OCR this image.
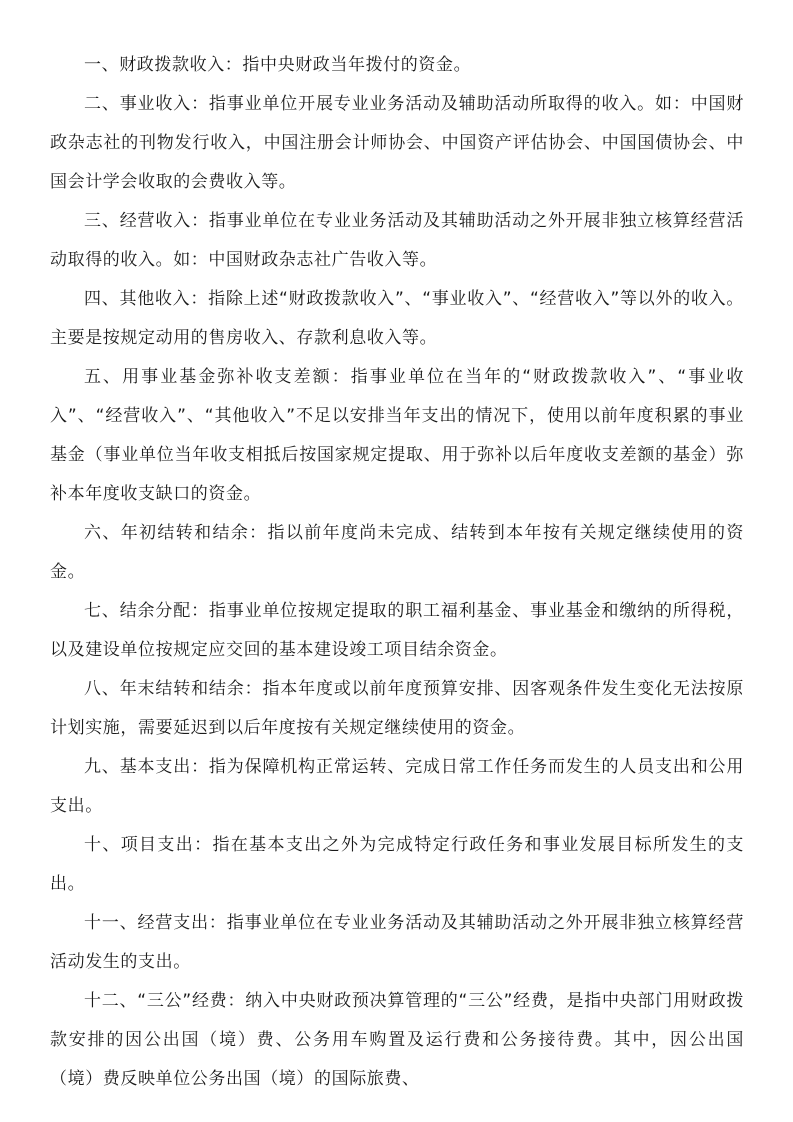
一、财政拨款收入：指中央财政当年拨付的资金。

二、事业收入：指事业单位开展专业业务活动及辅助活动所取得的收入。如：中国财政杂志社的刊物发行收入，中国注册会计师协会、中国资产评估协会、中国国债协会、中国会计学会收取的会费收入等。

三、经营收入：指事业单位在专业业务活动及其辅助活动之外开展非独立核算经营活动取得的收入。如：中国财政杂志社广告收入等。

四、其他收入：指除上述“财政拨款收入”、“事业收入”、“经营收入”等以外的收入。主要是按规定动用的售房收入、存款利息收入等。

五、用事业基金弥补收支差额：指事业单位在当年的“财政拨款收入”、“事业收入”、“经营收入”、“其他收入”不足以安排当年支出的情况下，使用以前年度积累的事业基金（事业单位当年收支相抵后按国家规定提取、用于弥补以后年度收支差额的基金）弥补本年度收支缺口的资金。

六、年初结转和结余：指以前年度尚未完成、结转到本年按有关规定继续使用的资金。

七、结余分配：指事业单位按规定提取的职工福利基金、事业基金和缴纳的所得税，以及建设单位按规定应交回的基本建设竣工项目结余资金。

八、年末结转和结余：指本年度或以前年度预算安排、因客观条件发生变化无法按原计划实施，需要延迟到以后年度按有关规定继续使用的资金。

九、基本支出：指为保障机构正常运转、完成日常工作任务而发生的人员支出和公用支出。

十、项目支出：指在基本支出之外为完成特定行政任务和事业发展目标所发生的支出。

十一、经营支出：指事业单位在专业业务活动及其辅助活动之外开展非独立核算经营活动发生的支出。

十二、“三公”经费：纳入中央财政预决算管理的“三公”经费，是指中央部门用财政拨款安排的因公出国（境）费、公务用车购置及运行费和公务接待费。其中，因公出国（境）费反映单位公务出国（境）的国际旅费、
